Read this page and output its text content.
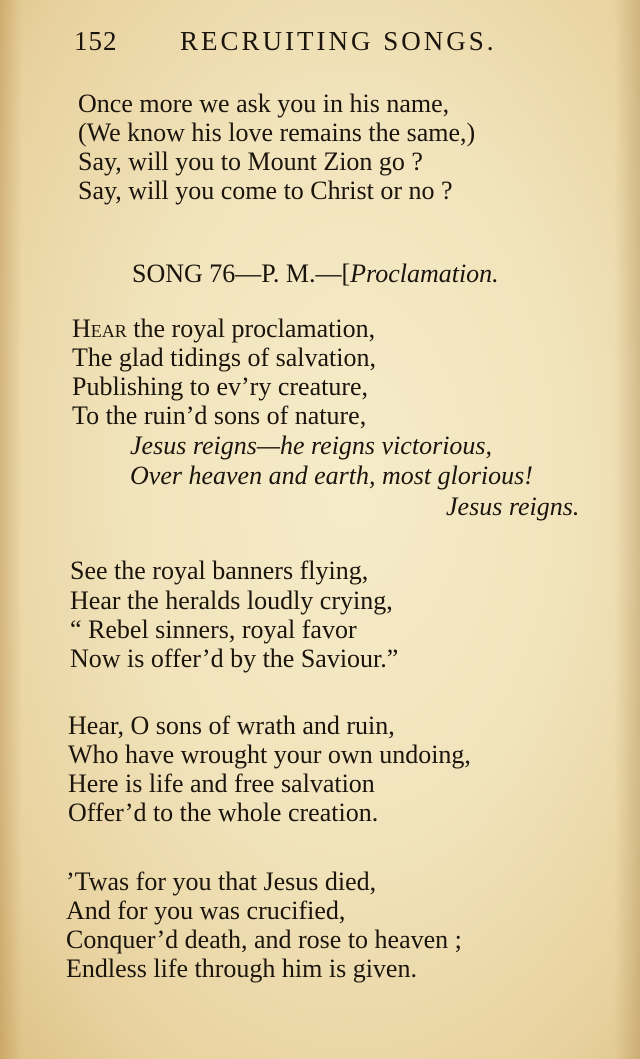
152 RECRUITING SONGS.
Once more we ask you in his name,
(We know his love remains the same,)
Say, will you to Mount Zion go ?
Say, will you come to Christ or no ?
SONG 76—P. M.—[Proclamation.
Hear the royal proclamation,
The glad tidings of salvation,
Publishing to ev’ry creature,
To the ruin’d sons of nature,
Jesus reigns—he reigns victorious,
Over heaven and earth, most glorious!
Jesus reigns.
See the royal banners flying,
Hear the heralds loudly crying,
“ Rebel sinners, royal favor
Now is offer’d by the Saviour.”
Hear, O sons of wrath and ruin,
Who have wrought your own undoing,
Here is life and free salvation
Offer’d to the whole creation.
’Twas for you that Jesus died,
And for you was crucified,
Conquer’d death, and rose to heaven ;
Endless life through him is given.
